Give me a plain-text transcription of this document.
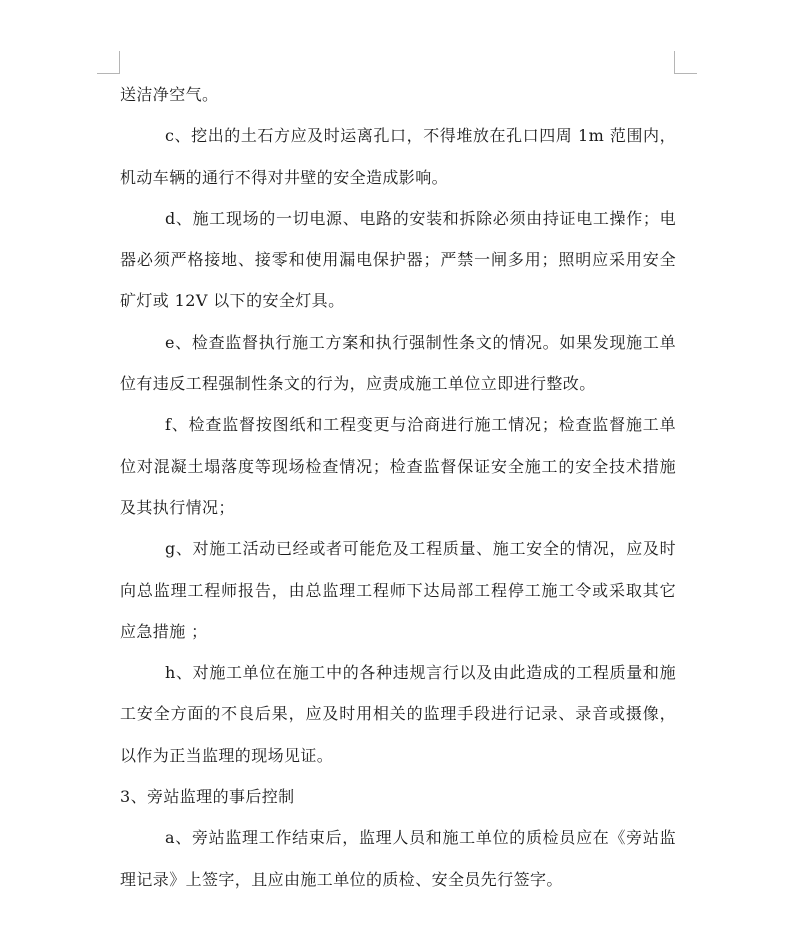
送洁净空气。

c、挖出的土石方应及时运离孔口，不得堆放在孔口四周 1m 范围内，机动车辆的通行不得对井壁的安全造成影响。

d、施工现场的一切电源、电路的安装和拆除必须由持证电工操作；电器必须严格接地、接零和使用漏电保护器；严禁一闸多用；照明应采用安全矿灯或 12V 以下的安全灯具。

e、检查监督执行施工方案和执行强制性条文的情况。如果发现施工单位有违反工程强制性条文的行为，应责成施工单位立即进行整改。

f、检查监督按图纸和工程变更与洽商进行施工情况；检查监督施工单位对混凝土塌落度等现场检查情况；检查监督保证安全施工的安全技术措施及其执行情况；

g、对施工活动已经或者可能危及工程质量、施工安全的情况，应及时向总监理工程师报告，由总监理工程师下达局部工程停工施工令或采取其它应急措施 ；

h、对施工单位在施工中的各种违规言行以及由此造成的工程质量和施工安全方面的不良后果，应及时用相关的监理手段进行记录、录音或摄像，以作为正当监理的现场见证。

3、旁站监理的事后控制

a、旁站监理工作结束后，监理人员和施工单位的质检员应在《旁站监理记录》上签字，且应由施工单位的质检、安全员先行签字。
